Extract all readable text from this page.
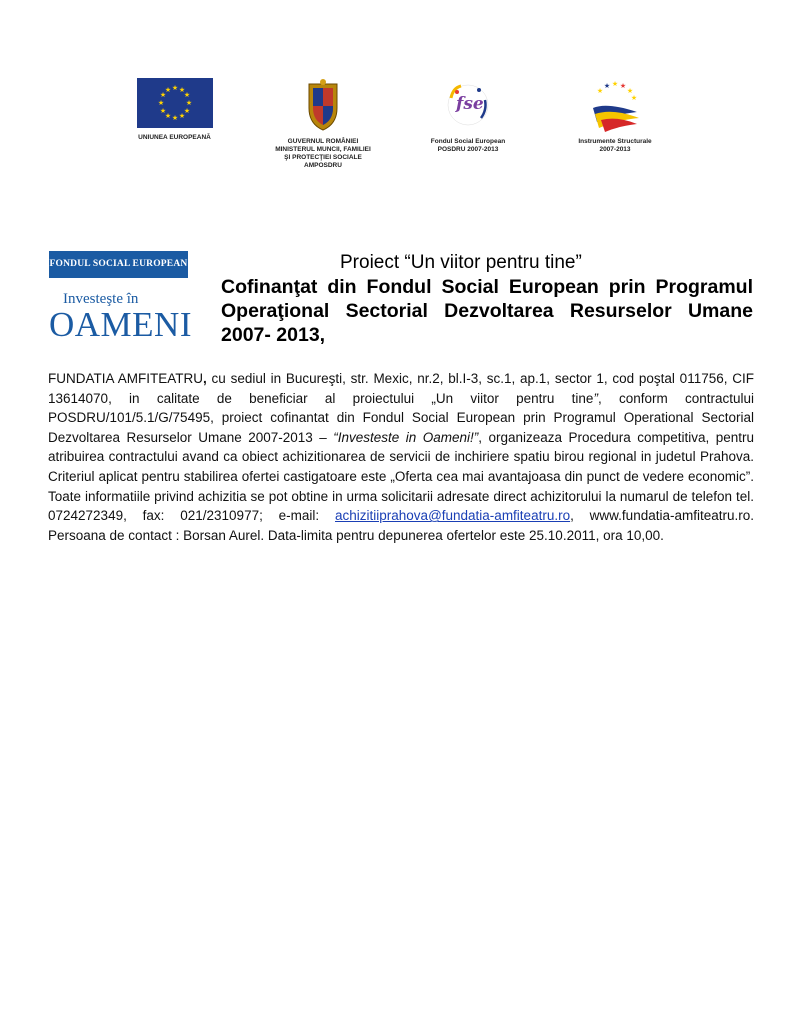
★ ★
★
★
★
★
★
★
★
★
★
★
UNIUNEA EUROPEANĂ
GUVERNUL ROMÂNIEI
MINISTERUL MUNCII, FAMILIEI
ŞI PROTECŢIEI SOCIALE
AMPOSDRU
fse
Fondul Social European
POSDRU 2007-2013
★ ★ ★
★
★
★
Instrumente Structurale
2007-2013
FONDUL SOCIAL EUROPEAN
Investeşte în
OAMENI
Proiect “Un viitor pentru tine”
Cofinanţat din Fondul Social European prin Programul Operaţional Sectorial Dezvoltarea Resurselor Umane 2007- 2013,
FUNDATIA AMFITEATRU, cu sediul in Bucureşti, str. Mexic, nr.2, bl.I-3, sc.1, ap.1, sector 1, cod poştal 011756, CIF 13614070, in calitate de beneficiar al proiectului „Un viitor pentru tine”, conform contractului POSDRU/101/5.1/G/75495, proiect cofinantat din Fondul Social European prin Programul Operational Sectorial Dezvoltarea Resurselor Umane 2007-2013 – “Investeste in Oameni!”, organizeaza Procedura competitiva, pentru atribuirea contractului avand ca obiect achizitionarea de servicii de inchiriere spatiu birou regional in judetul Prahova. Criteriul aplicat pentru stabilirea ofertei castigatoare este „Oferta cea mai avantajoasa din punct de vedere economic”. Toate informatiile privind achizitia se pot obtine in urma solicitarii adresate direct achizitorului la numarul de telefon tel. 0724272349, fax: 021/2310977; e-mail: achizitiiprahova@fundatia-amfiteatru.ro, www.fundatia-amfiteatru.ro. Persoana de contact : Borsan Aurel. Data-limita pentru depunerea ofertelor este 25.10.2011, ora 10,00.
